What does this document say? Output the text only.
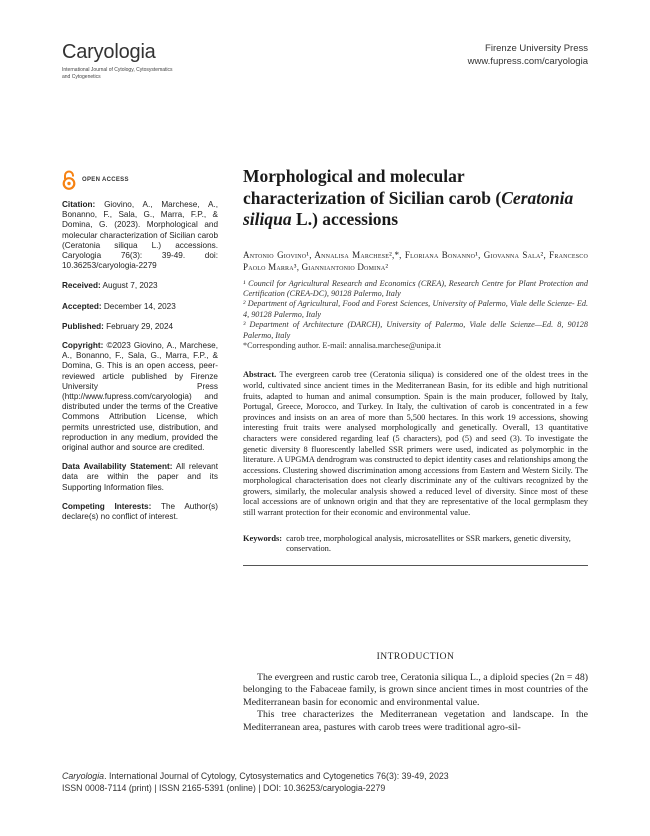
Caryologia
International Journal of Cytology, Cytosystematics and Cytogenetics
Firenze University Press
www.fupress.com/caryologia
OPEN ACCESS
Citation: Giovino, A., Marchese, A., Bonanno, F., Sala, G., Marra, F.P., & Domina, G. (2023). Morphological and molecular characterization of Sicilian carob (Ceratonia siliqua L.) accessions. Caryologia 76(3): 39-49. doi: 10.36253/caryologia-2279
Received: August 7, 2023
Accepted: December 14, 2023
Published: February 29, 2024
Copyright: ©2023 Giovino, A., Marchese, A., Bonanno, F., Sala, G., Marra, F.P., & Domina, G. This is an open access, peer-reviewed article published by Firenze University Press (http://www.fupress.com/caryologia) and distributed under the terms of the Creative Commons Attribution License, which permits unrestricted use, distribution, and reproduction in any medium, provided the original author and source are credited.
Data Availability Statement: All relevant data are within the paper and its Supporting Information files.
Competing Interests: The Author(s) declare(s) no conflict of interest.
Morphological and molecular characterization of Sicilian carob (Ceratonia siliqua L.) accessions
Antonio Giovino¹, Annalisa Marchese²,*, Floriana Bonanno¹, Giovanna Sala², Francesco Paolo Marra³, Gianniantonio Domina²
¹ Council for Agricultural Research and Economics (CREA), Research Centre for Plant Protection and Certification (CREA-DC), 90128 Palermo, Italy
² Department of Agricultural, Food and Forest Sciences, University of Palermo, Viale delle Scienze- Ed. 4, 90128 Palermo, Italy
³ Department of Architecture (DARCH), University of Palermo, Viale delle Scienze—Ed. 8, 90128 Palermo, Italy
*Corresponding author. E-mail: annalisa.marchese@unipa.it
Abstract. The evergreen carob tree (Ceratonia siliqua) is considered one of the oldest trees in the world, cultivated since ancient times in the Mediterranean Basin, for its edible and high nutritional fruits, adapted to human and animal consumption. Spain is the main producer, followed by Italy, Portugal, Greece, Morocco, and Turkey. In Italy, the cultivation of carob is concentrated in a few provinces and insists on an area of more than 5,500 hectares. In this work 19 accessions, showing interesting fruit traits were analysed morphologically and genetically. Overall, 13 quantitative characters were considered regarding leaf (5 characters), pod (5) and seed (3). To investigate the genetic diversity 8 fluorescently labelled SSR primers were used, indicated as polymorphic in the literature. A UPGMA dendrogram was constructed to depict identity cases and relationships among the accessions. Clustering showed discrimination among accessions from Eastern and Western Sicily. The morphological characterisation does not clearly discriminate any of the cultivars recognized by the growers, similarly, the molecular analysis showed a reduced level of diversity. Since most of these local accessions are of unknown origin and that they are representative of the local germplasm they still warrant protection for their economic and environmental value.
Keywords: carob tree, morphological analysis, microsatellites or SSR markers, genetic diversity, conservation.
INTRODUCTION

The evergreen and rustic carob tree, Ceratonia siliqua L., a diploid species (2n = 48) belonging to the Fabaceae family, is grown since ancient times in most countries of the Mediterranean basin for economic and environmental value.

This tree characterizes the Mediterranean vegetation and landscape. In the Mediterranean area, pastures with carob trees were traditional agro-sil-

Caryologia. International Journal of Cytology, Cytosystematics and Cytogenetics 76(3): 39-49, 2023
ISSN 0008-7114 (print) | ISSN 2165-5391 (online) | DOI: 10.36253/caryologia-2279
